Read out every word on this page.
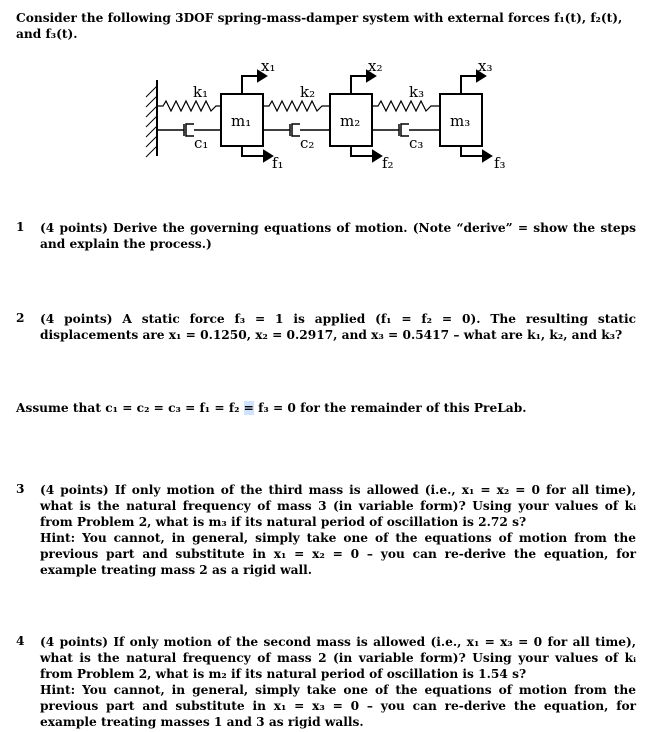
Consider the following 3DOF spring-mass-damper system with external forces f₁(t), f₂(t), and f₃(t).
m₁	m₂	m₃
k₁	k₂	k₃
c₁	c₂	c₃
x₁	x₂	x₃
f₁	f₂	f₃
1 (4 points) Derive the governing equations of motion. (Note “derive” = show the steps and explain the process.)
2 (4 points) A static force f₃ = 1 is applied (f₁ = f₂ = 0). The resulting static displacements are x₁ = 0.1250, x₂ = 0.2917, and x₃ = 0.5417 – what are k₁, k₂, and k₃?
Assume that c₁ = c₂ = c₃ = f₁ = f₂ = f₃ = 0 for the remainder of this PreLab.
3 (4 points) If only motion of the third mass is allowed (i.e., x₁ = x₂ = 0 for all time), what is the natural frequency of mass 3 (in variable form)? Using your values of kᵢ from Problem 2, what is m₃ if its natural period of oscillation is 2.72 s?
Hint: You cannot, in general, simply take one of the equations of motion from the previous part and substitute in x₁ = x₂ = 0 – you can re-derive the equation, for example treating mass 2 as a rigid wall.
4 (4 points) If only motion of the second mass is allowed (i.e., x₁ = x₃ = 0 for all time), what is the natural frequency of mass 2 (in variable form)? Using your values of kᵢ from Problem 2, what is m₂ if its natural period of oscillation is 1.54 s?
Hint: You cannot, in general, simply take one of the equations of motion from the previous part and substitute in x₁ = x₃ = 0 – you can re-derive the equation, for example treating masses 1 and 3 as rigid walls.
